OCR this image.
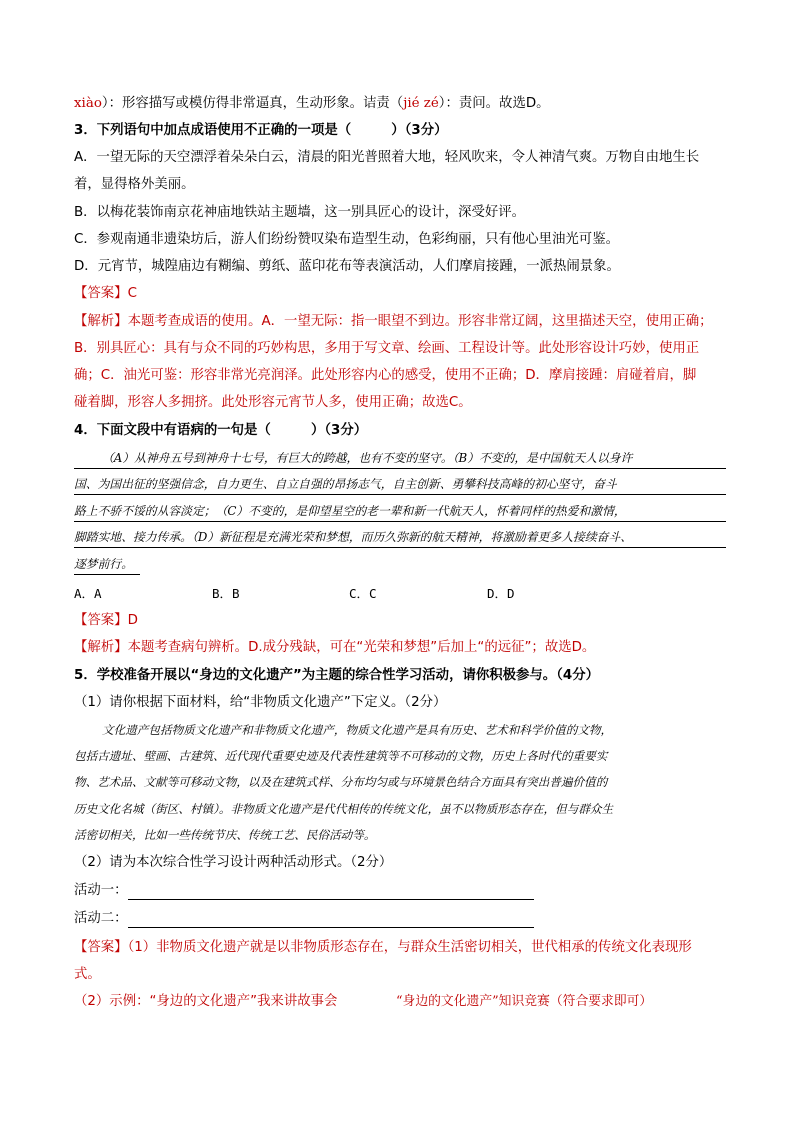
xiào）：形容描写或模仿得非常逼真，生动形象。诘责（jié zé）：责问。故选D。
3．下列语句中加点成语使用不正确的一项是（　　　）（3分）
A．一望无际的天空漂浮着朵朵白云，清晨的阳光普照着大地，轻风吹来，令人神清气爽。万物自由地生长
着，显得格外美丽。
B．以梅花装饰南京花神庙地铁站主题墙，这一别具匠心的设计，深受好评。
C．参观南通非遗染坊后，游人们纷纷赞叹染布造型生动，色彩绚丽，只有他心里油光可鉴。
D．元宵节，城隍庙边有糊编、剪纸、蓝印花布等表演活动，人们摩肩接踵，一派热闹景象。
【答案】C
【解析】本题考查成语的使用。A．一望无际：指一眼望不到边。形容非常辽阔，这里描述天空，使用正确；
B．别具匠心：具有与众不同的巧妙构思，多用于写文章、绘画、工程设计等。此处形容设计巧妙，使用正
确；C．油光可鉴：形容非常光亮润泽。此处形容内心的感受，使用不正确；D．摩肩接踵：肩碰着肩，脚
碰着脚，形容人多拥挤。此处形容元宵节人多，使用正确；故选C。
4．下面文段中有语病的一句是（　　　）（3分）
（A）从神舟五号到神舟十七号，有巨大的跨越，也有不变的坚守。（B）不变的，是中国航天人以身许
国、为国出征的坚强信念，自力更生、自立自强的昂扬志气，自主创新、勇攀科技高峰的初心坚守，奋斗
路上不骄不馁的从容淡定；（C）不变的，是仰望星空的老一辈和新一代航天人，怀着同样的热爱和激情，
脚踏实地、接力传承。（D）新征程是充满光荣和梦想，而历久弥新的航天精神，将激励着更多人接续奋斗、
逐梦前行。
A．A	B．B	C．C	D．D
【答案】D
【解析】本题考查病句辨析。D.成分残缺，可在“光荣和梦想”后加上“的远征”；故选D。
5．学校准备开展以“身边的文化遗产”为主题的综合性学习活动，请你积极参与。（4分）
（1）请你根据下面材料，给“非物质文化遗产”下定义。（2分）
文化遗产包括物质文化遗产和非物质文化遗产，物质文化遗产是具有历史、艺术和科学价值的文物，
包括古遗址、壁画、古建筑、近代现代重要史迹及代表性建筑等不可移动的文物，历史上各时代的重要实
物、艺术品、文献等可移动文物，以及在建筑式样、分布均匀或与环境景色结合方面具有突出普遍价值的
历史文化名城（街区、村镇）。非物质文化遗产是代代相传的传统文化，虽不以物质形态存在，但与群众生
活密切相关，比如一些传统节庆、传统工艺、民俗活动等。
（2）请为本次综合性学习设计两种活动形式。（2分）
活动一：
活动二：
【答案】（1）非物质文化遗产就是以非物质形态存在，与群众生活密切相关，世代相承的传统文化表现形
式。
（2）示例：“身边的文化遗产”我来讲故事会	“身边的文化遗产”知识竞赛（符合要求即可）
